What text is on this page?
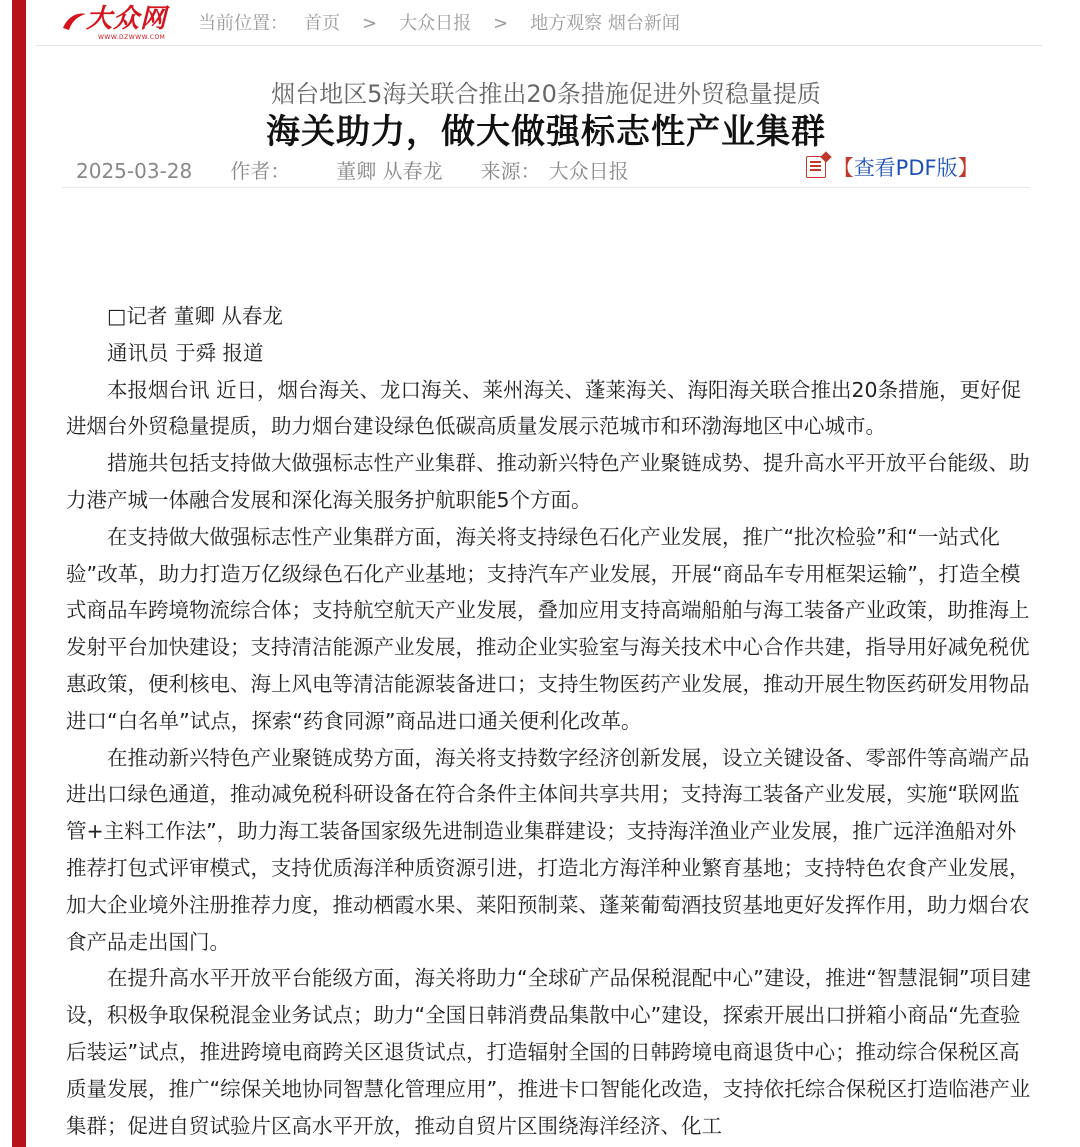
大众网
WWW.DZWWW.COM
当前位置： 首页 > 大众日报 > 地方观察 烟台新闻
烟台地区5海关联合推出20条措施促进外贸稳量提质
海关助力，做大做强标志性产业集群
2025-03-28 作者： 董卿 从春龙 来源： 大众日报	【查看PDF版】

□记者 董卿 从春龙

通讯员 于舜 报道

本报烟台讯 近日，烟台海关、龙口海关、莱州海关、蓬莱海关、海阳海关联合推出20条措施，更好促进烟台外贸稳量提质，助力烟台建设绿色低碳高质量发展示范城市和环渤海地区中心城市。

措施共包括支持做大做强标志性产业集群、推动新兴特色产业聚链成势、提升高水平开放平台能级、助力港产城一体融合发展和深化海关服务护航职能5个方面。

在支持做大做强标志性产业集群方面，海关将支持绿色石化产业发展，推广“批次检验”和“一站式化验”改革，助力打造万亿级绿色石化产业基地；支持汽车产业发展，开展“商品车专用框架运输”，打造全模式商品车跨境物流综合体；支持航空航天产业发展，叠加应用支持高端船舶与海工装备产业政策，助推海上发射平台加快建设；支持清洁能源产业发展，推动企业实验室与海关技术中心合作共建，指导用好减免税优惠政策，便利核电、海上风电等清洁能源装备进口；支持生物医药产业发展，推动开展生物医药研发用物品进口“白名单”试点，探索“药食同源”商品进口通关便利化改革。

在推动新兴特色产业聚链成势方面，海关将支持数字经济创新发展，设立关键设备、零部件等高端产品进出口绿色通道，推动减免税科研设备在符合条件主体间共享共用；支持海工装备产业发展，实施“联网监管+主料工作法”，助力海工装备国家级先进制造业集群建设；支持海洋渔业产业发展，推广远洋渔船对外推荐打包式评审模式，支持优质海洋种质资源引进，打造北方海洋种业繁育基地；支持特色农食产业发展，加大企业境外注册推荐力度，推动栖霞水果、莱阳预制菜、蓬莱葡萄酒技贸基地更好发挥作用，助力烟台农食产品走出国门。

在提升高水平开放平台能级方面，海关将助力“全球矿产品保税混配中心”建设，推进“智慧混铜”项目建设，积极争取保税混金业务试点；助力“全国日韩消费品集散中心”建设，探索开展出口拼箱小商品“先查验后装运”试点，推进跨境电商跨关区退货试点，打造辐射全国的日韩跨境电商退货中心；推动综合保税区高质量发展，推广“综保关地协同智慧化管理应用”，推进卡口智能化改造，支持依托综合保税区打造临港产业集群；促进自贸试验片区高水平开放，推动自贸片区围绕海洋经济、化工
